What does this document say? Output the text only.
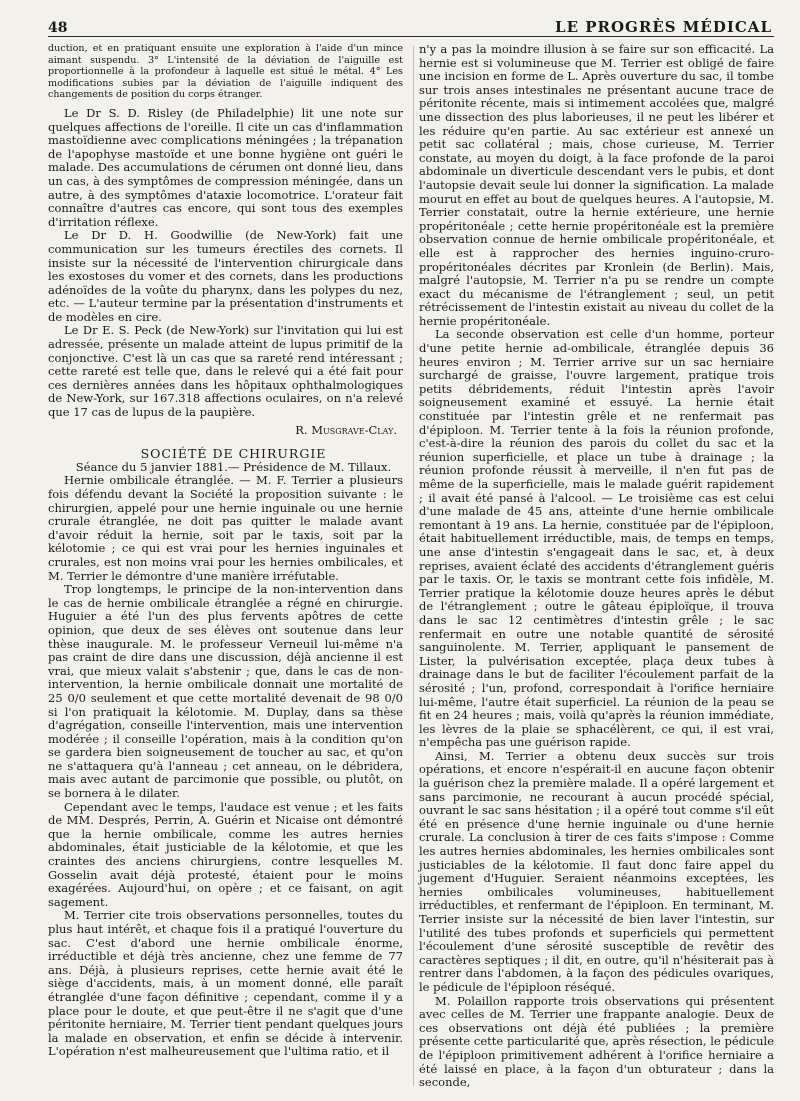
48	LE PROGRÈS MÉDICAL

duction, et en pratiquant ensuite une exploration à l'aide d'un mince aimant suspendu. 3° L'intensité de la déviation de l'aiguille est proportionnelle à la profondeur à laquelle est situé le métal. 4° Les modifications subies par la déviation de l'aiguille indiquent des changements de position du corps étranger.

Le Dr S. D. Risley (de Philadelphie) lit une note sur quelques affections de l'oreille. Il cite un cas d'inflammation mastoïdienne avec complications méningées ; la trépanation de l'apophyse mastoïde et une bonne hygiène ont guéri le malade. Des accumulations de cérumen ont donné lieu, dans un cas, à des symptômes de compression méningée, dans un autre, à des symptômes d'ataxie locomotrice. L'orateur fait connaître d'autres cas encore, qui sont tous des exemples d'irritation réflexe.

Le Dr D. H. Goodwillie (de New-York) fait une communication sur les tumeurs érectiles des cornets. Il insiste sur la nécessité de l'intervention chirurgicale dans les exostoses du vomer et des cornets, dans les productions adénoïdes de la voûte du pharynx, dans les polypes du nez, etc. — L'auteur termine par la présentation d'instruments et de modèles en cire.

Le Dr E. S. Peck (de New-York) sur l'invitation qui lui est adressée, présente un malade atteint de lupus primitif de la conjonctive. C'est là un cas que sa rareté rend intéressant ; cette rareté est telle que, dans le relevé qui a été fait pour ces dernières années dans les hôpitaux ophthalmologiques de New-York, sur 167.318 affections oculaires, on n'a relevé que 17 cas de lupus de la paupière.

R. Musgrave-Clay.

SOCIÉTÉ DE CHIRURGIE

Séance du 5 janvier 1881.— Présidence de M. Tillaux.

Hernie ombilicale étranglée. — M. F. Terrier a plusieurs fois défendu devant la Société la proposition suivante : le chirurgien, appelé pour une hernie inguinale ou une hernie crurale étranglée, ne doit pas quitter le malade avant d'avoir réduit la hernie, soit par le taxis, soit par la kélotomie ; ce qui est vrai pour les hernies inguinales et crurales, est non moins vrai pour les hernies ombilicales, et M. Terrier le démontre d'une manière irréfutable.

Trop longtemps, le principe de la non-intervention dans le cas de hernie ombilicale étranglée a régné en chirurgie. Huguier a été l'un des plus fervents apôtres de cette opinion, que deux de ses élèves ont soutenue dans leur thèse inaugurale. M. le professeur Verneuil lui-même n'a pas craint de dire dans une discussion, déjà ancienne il est vrai, que mieux valait s'abstenir ; que, dans le cas de non-intervention, la hernie ombilicale donnait une mortalité de 25 0/0 seulement et que cette mortalité devenait de 98 0/0 si l'on pratiquait la kélotomie. M. Duplay, dans sa thèse d'agrégation, conseille l'intervention, mais une intervention modérée ; il conseille l'opération, mais à la condition qu'on se gardera bien soigneusement de toucher au sac, et qu'on ne s'attaquera qu'à l'anneau ; cet anneau, on le débridera, mais avec autant de parcimonie que possible, ou plutôt, on se bornera à le dilater.

Cependant avec le temps, l'audace est venue ; et les faits de MM. Després, Perrin, A. Guérin et Nicaise ont démontré que la hernie ombilicale, comme les autres hernies abdominales, était justiciable de la kélotomie, et que les craintes des anciens chirurgiens, contre lesquelles M. Gosselin avait déjà protesté, étaient pour le moins exagérées. Aujourd'hui, on opère ; et ce faisant, on agit sagement.

M. Terrier cite trois observations personnelles, toutes du plus haut intérêt, et chaque fois il a pratiqué l'ouverture du sac. C'est d'abord une hernie ombilicale énorme, irréductible et déjà très ancienne, chez une femme de 77 ans. Déjà, à plusieurs reprises, cette hernie avait été le siège d'accidents, mais, à un moment donné, elle paraît étranglée d'une façon définitive ; cependant, comme il y a place pour le doute, et que peut-être il ne s'agit que d'une péritonite herniaire, M. Terrier tient pendant quelques jours la malade en observation, et enfin se décide à intervenir. L'opération n'est malheureusement que l'ultima ratio, et il

n'y a pas la moindre illusion à se faire sur son efficacité. La hernie est si volumineuse que M. Terrier est obligé de faire une incision en forme de L. Après ouverture du sac, il tombe sur trois anses intestinales ne présentant aucune trace de péritonite récente, mais si intimement accolées que, malgré une dissection des plus laborieuses, il ne peut les libérer et les réduire qu'en partie. Au sac extérieur est annexé un petit sac collatéral ; mais, chose curieuse, M. Terrier constate, au moyen du doigt, à la face profonde de la paroi abdominale un diverticule descendant vers le pubis, et dont l'autopsie devait seule lui donner la signification. La malade mourut en effet au bout de quelques heures. A l'autopsie, M. Terrier constatait, outre la hernie extérieure, une hernie propéritonéale ; cette hernie propéritonéale est la première observation connue de hernie ombilicale propéritonéale, et elle est à rapprocher des hernies inguino-cruro-propéritonéales décrites par Kronlein (de Berlin). Mais, malgré l'autopsie, M. Terrier n'a pu se rendre un compte exact du mécanisme de l'étranglement ; seul, un petit rétrécissement de l'intestin existait au niveau du collet de la hernie propéritonéale.

La seconde observation est celle d'un homme, porteur d'une petite hernie ad-ombilicale, étranglée depuis 36 heures environ ; M. Terrier arrive sur un sac herniaire surchargé de graisse, l'ouvre largement, pratique trois petits débridements, réduit l'intestin après l'avoir soigneusement examiné et essuyé. La hernie était constituée par l'intestin grêle et ne renfermait pas d'épiploon. M. Terrier tente à la fois la réunion profonde, c'est-à-dire la réunion des parois du collet du sac et la réunion superficielle, et place un tube à drainage ; la réunion profonde réussit à merveille, il n'en fut pas de même de la superficielle, mais le malade guérit rapidement ; il avait été pansé à l'alcool. — Le troisième cas est celui d'une malade de 45 ans, atteinte d'une hernie ombilicale remontant à 19 ans. La hernie, constituée par de l'épiploon, était habituellement irréductible, mais, de temps en temps, une anse d'intestin s'engageait dans le sac, et, à deux reprises, avaient éclaté des accidents d'étranglement guéris par le taxis. Or, le taxis se montrant cette fois infidèle, M. Terrier pratique la kélotomie douze heures après le début de l'étranglement ; outre le gâteau épiploïque, il trouva dans le sac 12 centimètres d'intestin grêle ; le sac renfermait en outre une notable quantité de sérosité sanguinolente. M. Terrier, appliquant le pansement de Lister, la pulvérisation exceptée, plaça deux tubes à drainage dans le but de faciliter l'écoulement parfait de la sérosité ; l'un, profond, correspondait à l'orifice herniaire lui-même, l'autre était superficiel. La réunion de la peau se fit en 24 heures ; mais, voilà qu'après la réunion immédiate, les lèvres de la plaie se sphacélèrent, ce qui, il est vrai, n'empêcha pas une guérison rapide.

Ainsi, M. Terrier a obtenu deux succès sur trois opérations, et encore n'espérait-il en aucune façon obtenir la guérison chez la première malade. Il a opéré largement et sans parcimonie, ne recourant à aucun procédé spécial, ouvrant le sac sans hésitation ; il a opéré tout comme s'il eût été en présence d'une hernie inguinale ou d'une hernie crurale. La conclusion à tirer de ces faits s'impose : Comme les autres hernies abdominales, les hernies ombilicales sont justiciables de la kélotomie. Il faut donc faire appel du jugement d'Huguier. Seraient néanmoins exceptées, les hernies ombilicales volumineuses, habituellement irréductibles, et renfermant de l'épiploon. En terminant, M. Terrier insiste sur la nécessité de bien laver l'intestin, sur l'utilité des tubes profonds et superficiels qui permettent l'écoulement d'une sérosité susceptible de revêtir des caractères septiques ; il dit, en outre, qu'il n'hésiterait pas à rentrer dans l'abdomen, à la façon des pédicules ovariques, le pédicule de l'épiploon réséqué.

M. Polaillon rapporte trois observations qui présentent avec celles de M. Terrier une frappante analogie. Deux de ces observations ont déjà été publiées ; la première présente cette particularité que, après résection, le pédicule de l'épiploon primitivement adhérent à l'orifice herniaire a été laissé en place, à la façon d'un obturateur ; dans la seconde,
